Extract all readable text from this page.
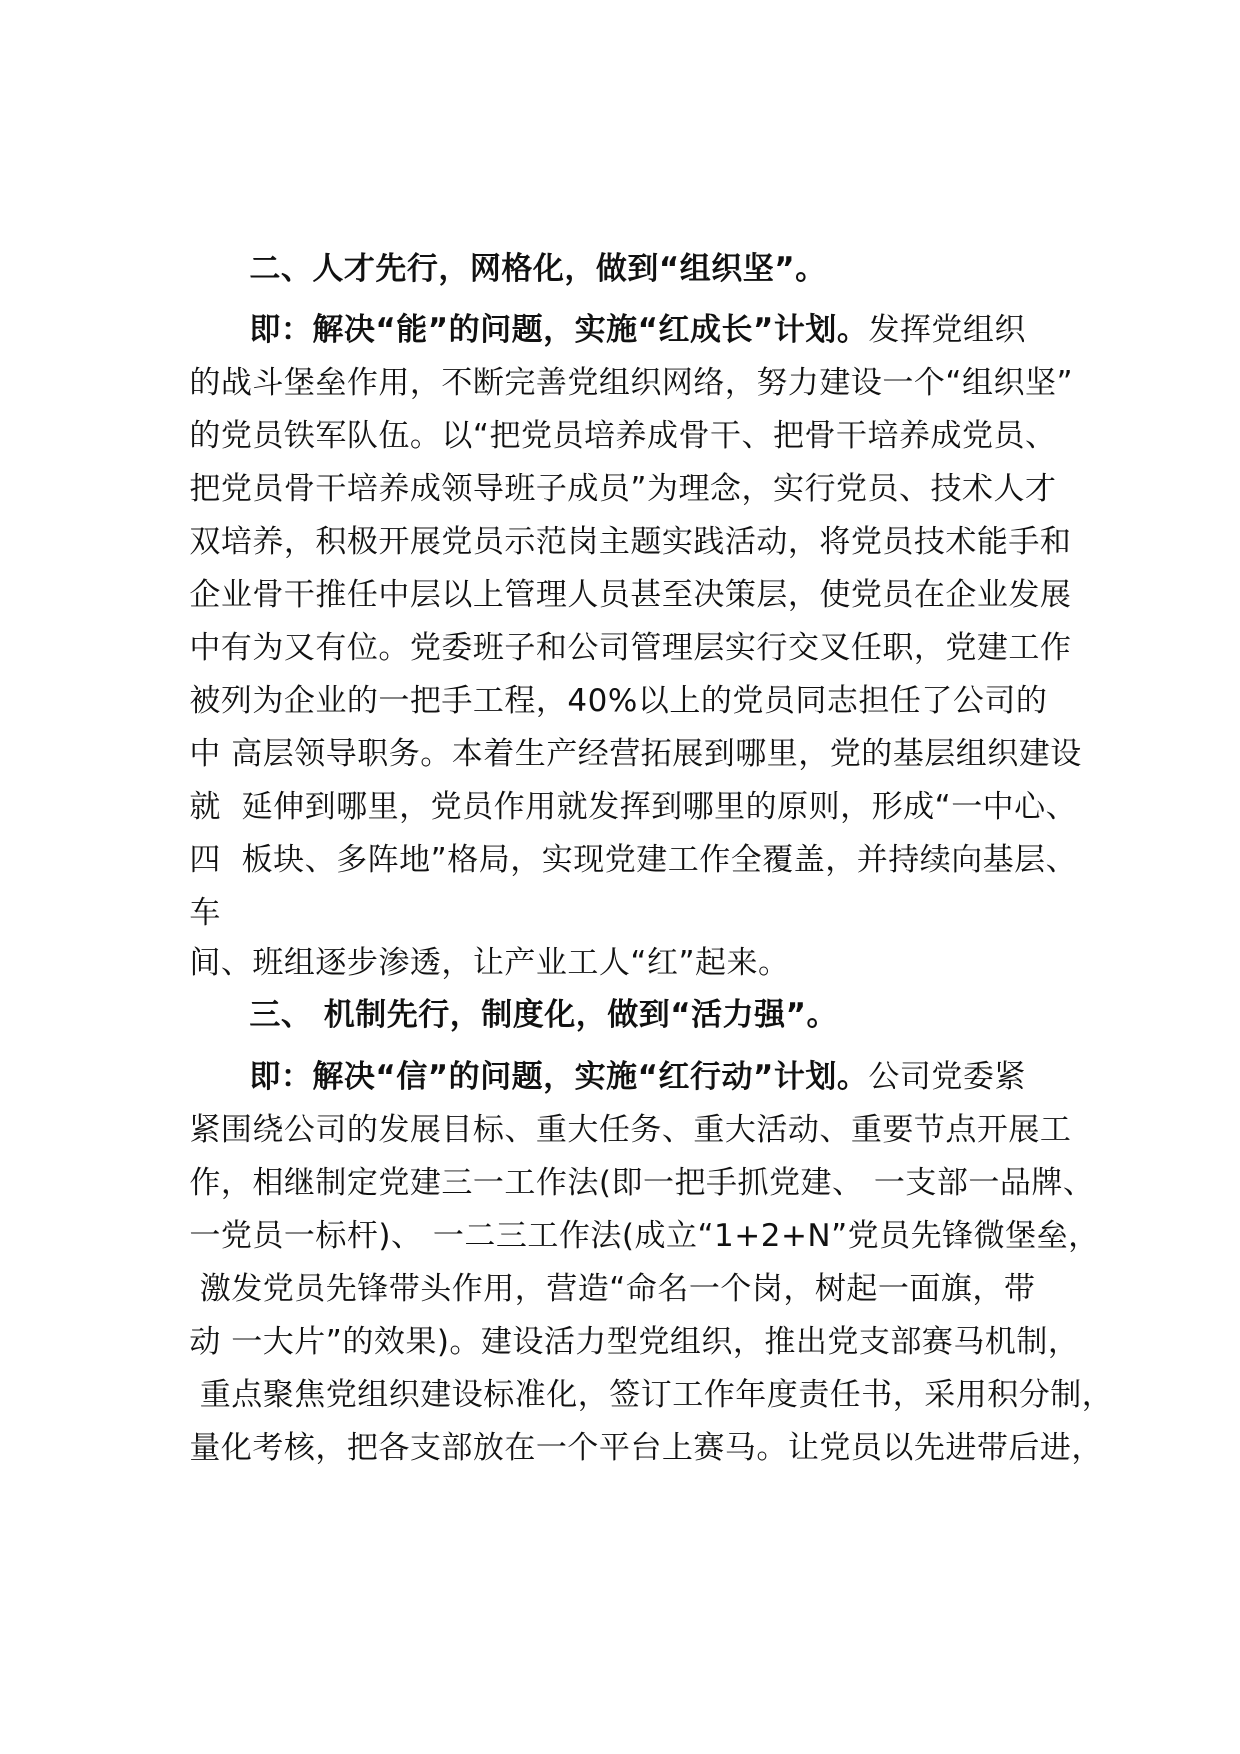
二、人才先行，网格化，做到“组织坚”。

即：解决“能”的问题，实施“红成长”计划。发挥党组织

的战斗堡垒作用，不断完善党组织网络，努力建设一个“组织坚”

的党员铁军队伍。以“把党员培养成骨干、把骨干培养成党员、

把党员骨干培养成领导班子成员”为理念，实行党员、技术人才

双培养，积极开展党员示范岗主题实践活动，将党员技术能手和

企业骨干推任中层以上管理人员甚至决策层，使党员在企业发展

中有为又有位。党委班子和公司管理层实行交叉任职，党建工作

被列为企业的一把手工程，40%以上的党员同志担任了公司的

中 高层领导职务。本着生产经营拓展到哪里，党的基层组织建设

就  延伸到哪里，党员作用就发挥到哪里的原则，形成“一中心、

四  板块、多阵地”格局，实现党建工作全覆盖，并持续向基层、

车

间、班组逐步渗透，让产业工人“红”起来。

三、 机制先行，制度化，做到“活力强”。

即：解决“信”的问题，实施“红行动”计划。公司党委紧

紧围绕公司的发展目标、重大任务、重大活动、重要节点开展工

作，相继制定党建三一工作法(即一把手抓党建、 一支部一品牌、

一党员一标杆)、 一二三工作法(成立“1+2+N”党员先锋微堡垒，

激发党员先锋带头作用，营造“命名一个岗，树起一面旗，带

动 一大片”的效果)。建设活力型党组织，推出党支部赛马机制，

重点聚焦党组织建设标准化，签订工作年度责任书，采用积分制，

量化考核，把各支部放在一个平台上赛马。让党员以先进带后进，
